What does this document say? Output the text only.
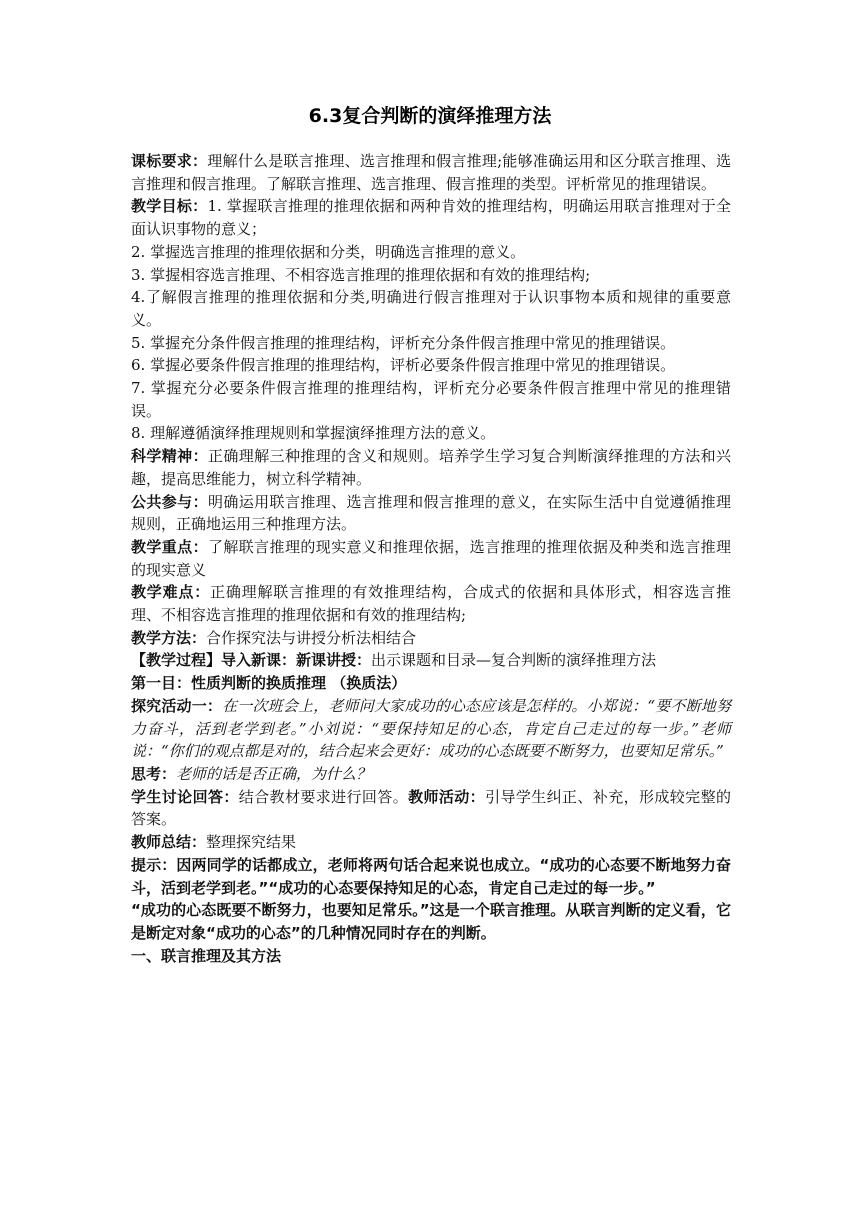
6.3复合判断的演绎推理方法

课标要求：理解什么是联言推理、选言推理和假言推理;能够准确运用和区分联言推理、选言推理和假言推理。了解联言推理、选言推理、假言推理的类型。评析常见的推理错误。

教学目标：1. 掌握联言推理的推理依据和两种肯效的推理结构，明确运用联言推理对于全面认识事物的意义；

2. 掌握选言推理的推理依据和分类，明确选言推理的意义。

3. 掌握相容选言推理、不相容选言推理的推理依据和有效的推理结构;

4.了解假言推理的推理依据和分类,明确进行假言推理对于认识事物本质和规律的重要意义。

5. 掌握充分条件假言推理的推理结构，评析充分条件假言推理中常见的推理错误。

6. 掌握必要条件假言推理的推理结构，评析必要条件假言推理中常见的推理错误。

7. 掌握充分必要条件假言推理的推理结构，评析充分必要条件假言推理中常见的推理错误。

8. 理解遵循演绎推理规则和掌握演绎推理方法的意义。

科学精神：正确理解三种推理的含义和规则。培养学生学习复合判断演绎推理的方法和兴趣，提高思维能力，树立科学精神。

公共参与：明确运用联言推理、选言推理和假言推理的意义，在实际生活中自觉遵循推理规则，正确地运用三种推理方法。

教学重点：了解联言推理的现实意义和推理依据，选言推理的推理依据及种类和选言推理的现实意义

教学难点：正确理解联言推理的有效推理结构，合成式的依据和具体形式，相容选言推理、不相容选言推理的推理依据和有效的推理结构;

教学方法：合作探究法与讲授分析法相结合

【教学过程】导入新课：新课讲授：出示课题和目录—复合判断的演绎推理方法

第一目：性质判断的换质推理 （换质法）

探究活动一：在一次班会上，老师问大家成功的心态应该是怎样的。小郑说：“要不断地努力奋斗，活到老学到老。”小刘说：“要保持知足的心态，肯定自己走过的每一步。”老师说：“你们的观点都是对的，结合起来会更好：成功的心态既要不断努力，也要知足常乐。”

思考：老师的话是否正确，为什么？

学生讨论回答：结合教材要求进行回答。教师活动：引导学生纠正、补充，形成较完整的答案。

教师总结：整理探究结果

提示：因两同学的话都成立，老师将两句话合起来说也成立。“成功的心态要不断地努力奋斗，活到老学到老。”“成功的心态要保持知足的心态，肯定自己走过的每一步。”

“成功的心态既要不断努力，也要知足常乐。”这是一个联言推理。从联言判断的定义看，它是断定对象“成功的心态”的几种情况同时存在的判断。

一、联言推理及其方法
